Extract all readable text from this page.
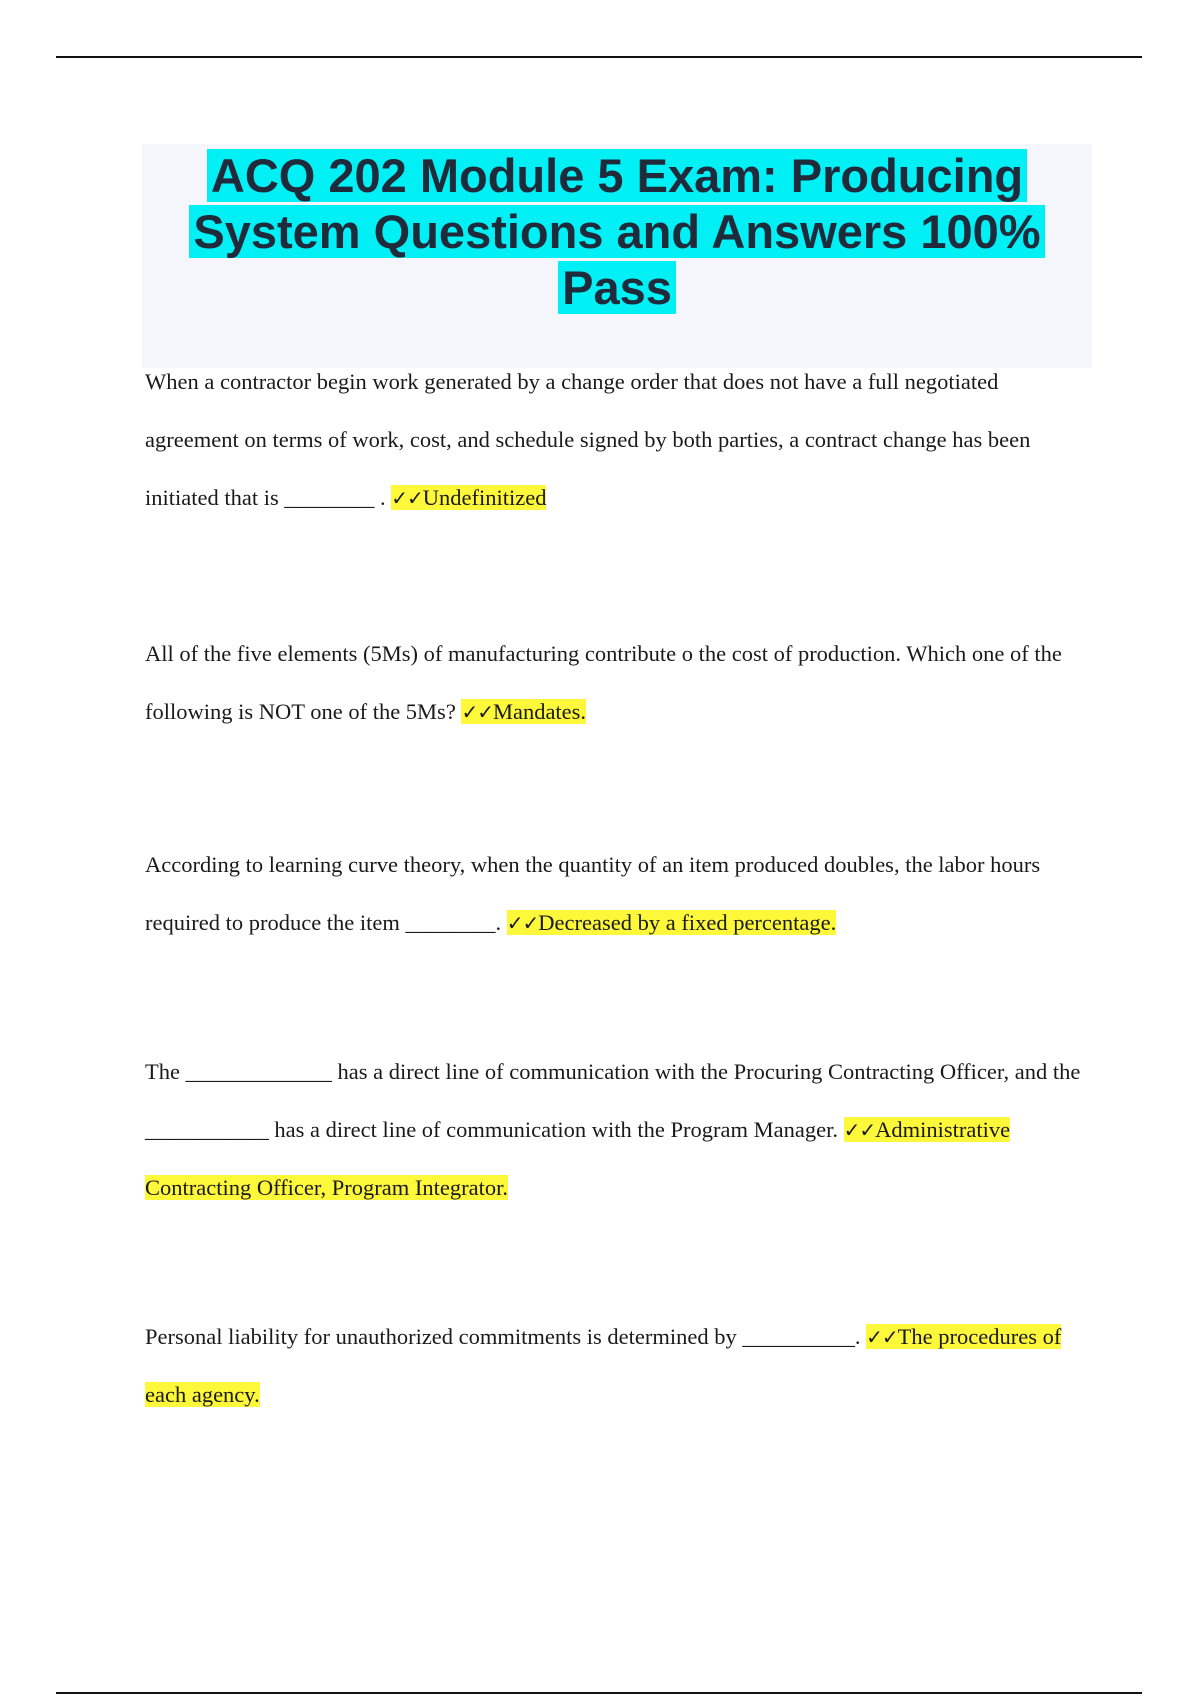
ACQ 202 Module 5 Exam: Producing System Questions and Answers 100% Pass

When a contractor begin work generated by a change order that does not have a full negotiated agreement on terms of work, cost, and schedule signed by both parties, a contract change has been initiated that is ________ . ✓✓Undefinitized

All of the five elements (5Ms) of manufacturing contribute o the cost of production. Which one of the following is NOT one of the 5Ms? ✓✓Mandates.

According to learning curve theory, when the quantity of an item produced doubles, the labor hours required to produce the item ________. ✓✓Decreased by a fixed percentage.

The _____________ has a direct line of communication with the Procuring Contracting Officer, and the ___________ has a direct line of communication with the Program Manager. ✓✓Administrative Contracting Officer, Program Integrator.

Personal liability for unauthorized commitments is determined by __________. ✓✓The procedures of each agency.
